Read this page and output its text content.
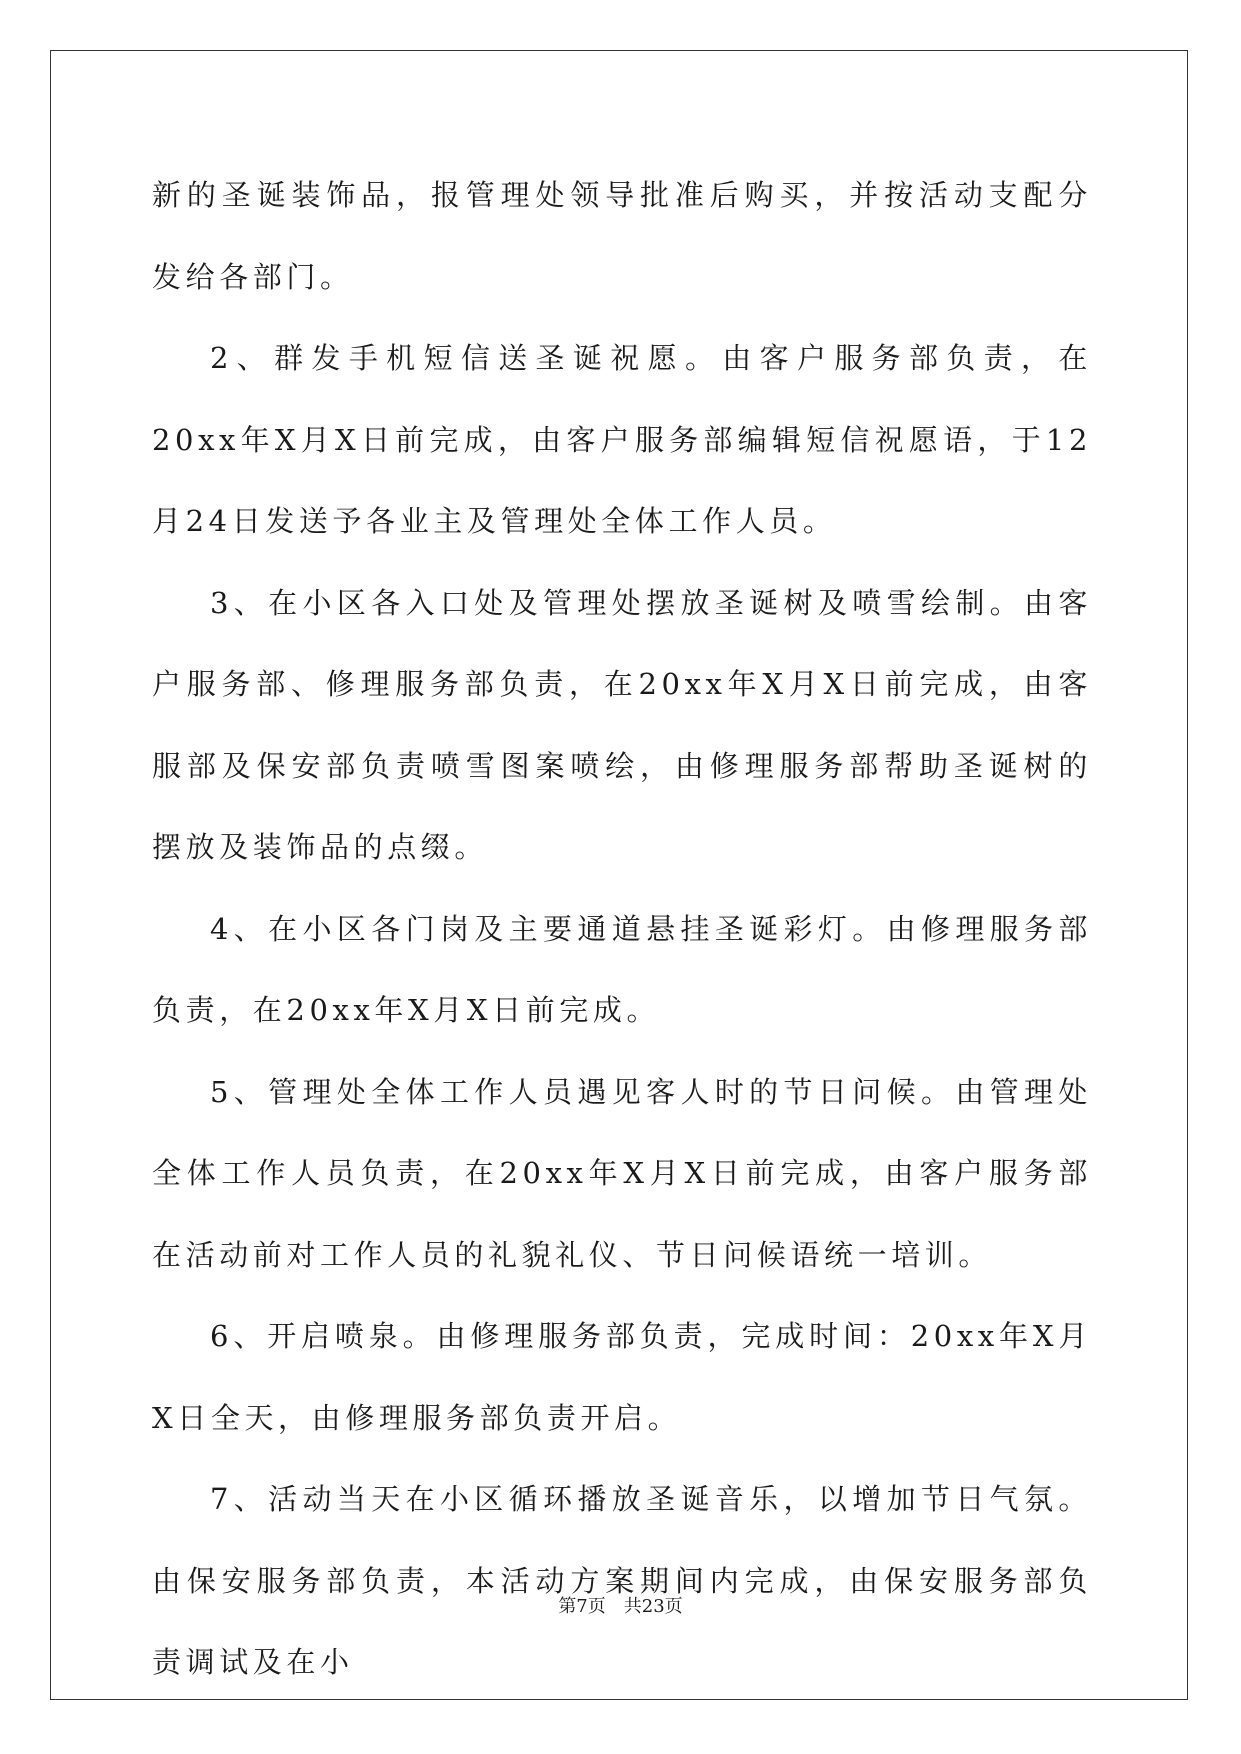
新的圣诞装饰品，报管理处领导批准后购买，并按活动支配分发给各部门。

2、群发手机短信送圣诞祝愿。由客户服务部负责，在20xx年X月X日前完成，由客户服务部编辑短信祝愿语，于12月24日发送予各业主及管理处全体工作人员。

3、在小区各入口处及管理处摆放圣诞树及喷雪绘制。由客户服务部、修理服务部负责，在20xx年X月X日前完成，由客服部及保安部负责喷雪图案喷绘，由修理服务部帮助圣诞树的摆放及装饰品的点缀。

4、在小区各门岗及主要通道悬挂圣诞彩灯。由修理服务部负责，在20xx年X月X日前完成。

5、管理处全体工作人员遇见客人时的节日问候。由管理处全体工作人员负责，在20xx年X月X日前完成，由客户服务部在活动前对工作人员的礼貌礼仪、节日问候语统一培训。

6、开启喷泉。由修理服务部负责，完成时间：20xx年X月X日全天，由修理服务部负责开启。

7、活动当天在小区循环播放圣诞音乐，以增加节日气氛。由保安服务部负责，本活动方案期间内完成，由保安服务部负责调试及在小

第7页　共23页
